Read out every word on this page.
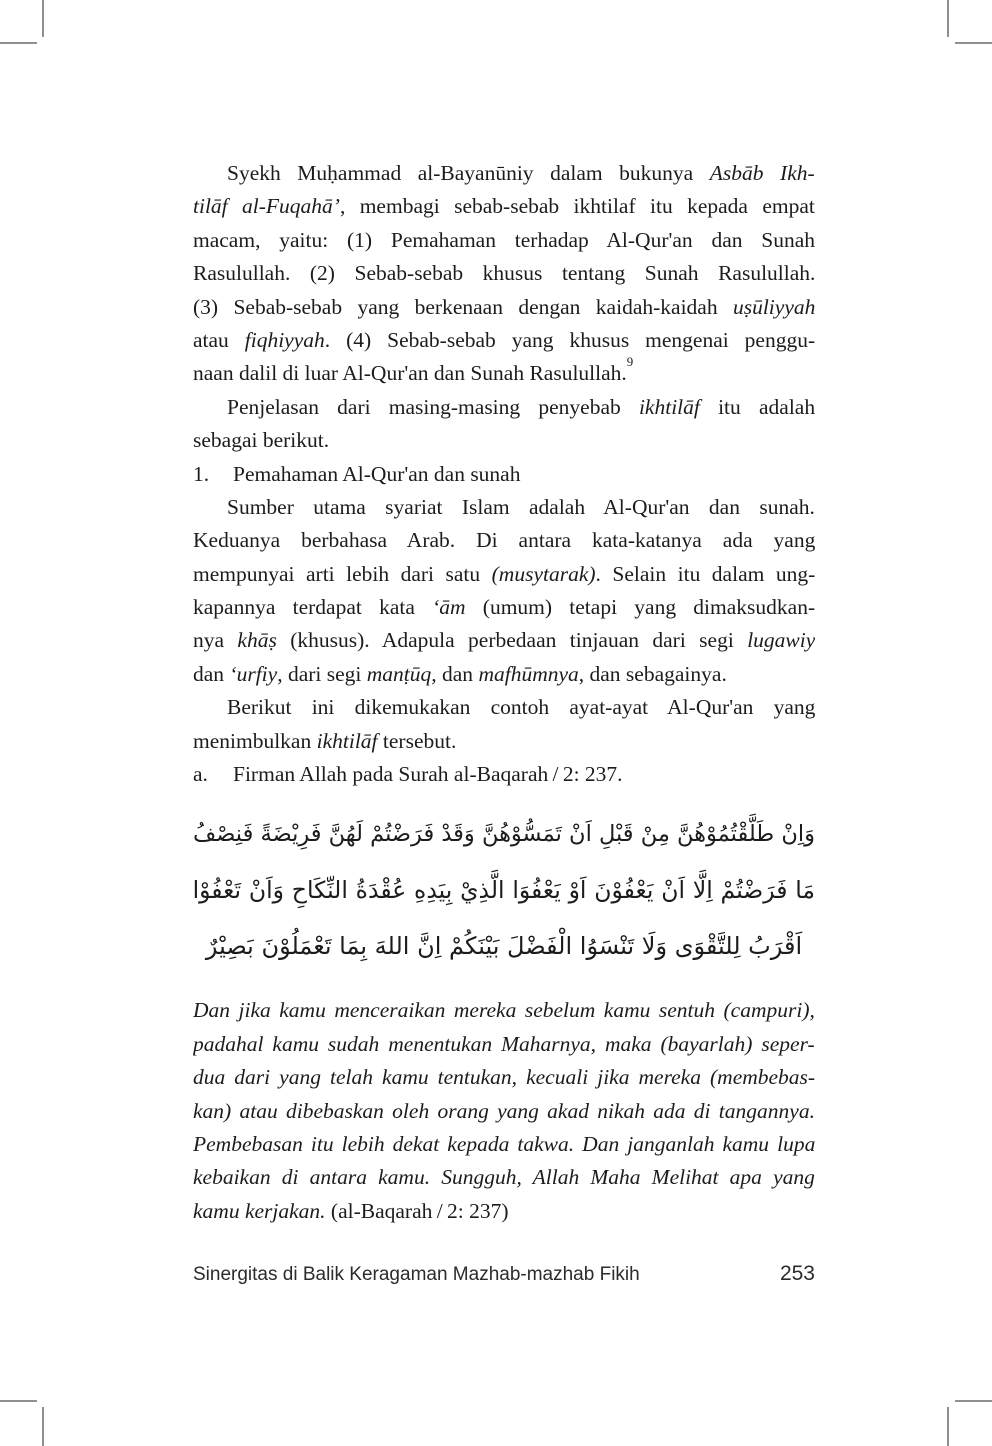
Syekh Muḥammad al-Bayanūniy dalam bukunya Asbāb Ikh-
tilāf al-Fuqahā’, membagi sebab-sebab ikhtilaf itu kepada empat
macam, yaitu: (1) Pemahaman terhadap Al-Qur'an dan Sunah
Rasulullah. (2) Sebab-sebab khusus tentang Sunah Rasulullah.
(3) Sebab-sebab yang berkenaan dengan kaidah-kaidah uṣūliyyah
atau fiqhiyyah. (4) Sebab-sebab yang khusus mengenai penggu-
naan dalil di luar Al-Qur'an dan Sunah Rasulullah.$^9$
Penjelasan dari masing-masing penyebab ikhtilāf itu adalah
sebagai berikut.
1. Pemahaman Al-Qur'an dan sunah
Sumber utama syariat Islam adalah Al-Qur'an dan sunah.
Keduanya berbahasa Arab. Di antara kata-katanya ada yang
mempunyai arti lebih dari satu (musytarak). Selain itu dalam ung-
kapannya terdapat kata ‘ām (umum) tetapi yang dimaksudkan-
nya khāṣ (khusus). Adapula perbedaan tinjauan dari segi lugawiy
dan ‘urfiy, dari segi manṭūq, dan mafhūmnya, dan sebagainya.
Berikut ini dikemukakan contoh ayat-ayat Al-Qur'an yang
menimbulkan ikhtilāf tersebut.
a. Firman Allah pada Surah al-Baqarah / 2: 237.
وَاِنْ طَلَّقْتُمُوْهُنَّ مِنْ قَبْلِ اَنْ تَمَسُّوْهُنَّ وَقَدْ فَرَضْتُمْ لَهُنَّ فَرِيْضَةً فَنِصْفُ
مَا فَرَضْتُمْ اِلَّا اَنْ يَعْفُوْنَ اَوْ يَعْفُوَا الَّذِيْ بِيَدِهِ عُقْدَةُ النِّكَاحِ وَاَنْ تَعْفُوْا
اَقْرَبُ لِلتَّقْوَى وَلَا تَنْسَوُا الْفَضْلَ بَيْنَكُمْ اِنَّ اللهَ بِمَا تَعْمَلُوْنَ بَصِيْرٌ
Dan jika kamu menceraikan mereka sebelum kamu sentuh (campuri),
padahal kamu sudah menentukan Maharnya, maka (bayarlah) seper-
dua dari yang telah kamu tentukan, kecuali jika mereka (membebas-
kan) atau dibebaskan oleh orang yang akad nikah ada di tangannya.
Pembebasan itu lebih dekat kepada takwa. Dan janganlah kamu lupa
kebaikan di antara kamu. Sungguh, Allah Maha Melihat apa yang
kamu kerjakan. (al-Baqarah / 2: 237)
Sinergitas di Balik Keragaman Mazhab-mazhab Fikih	253
